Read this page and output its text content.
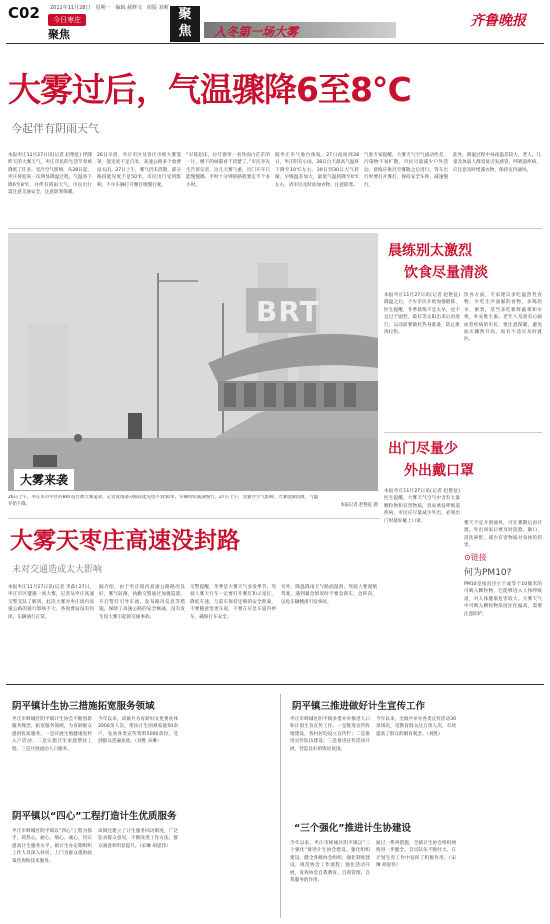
C02 2011年11月28日　星期一　编辑 郝修文　组版 刘莉
今日枣庄
聚焦
聚
焦	入冬第一场大雾
齐鲁晚报
大雾过后，气温骤降6至8℃
今起伴有阴雨天气
本报枣庄11月27日讯(记者 赵艳征) 伴随昨天的大雾天气，枣庄市民的生活节奏被降低了许多。受冷空气影响，从28日起，枣庄将迎来一次明显降温过程，气温将下降6至8℃，并伴有阴雨天气。市民出行需注意交通安全，注意防寒保暖。
26日早晨，枣庄市区及各区市被大雾笼罩，能见度不足百米，高速公路多个收费站关闭。27日上午，雾气仍未消散，部分路段能见度不足50米，市民出行受到影响，不少车辆打开雾灯缓慢行驶。
“早晨起床，拉开窗帘一看外面白茫茫的一片，楼下的树都看不清楚了。”市民李先生告诉记者，这几天雾气重，出门开车只能慢慢挪，平时十分钟的路程要走半个多小时。
据枣庄市气象台预报，27日夜间到28日，枣庄阴有小雨，28日白天最高气温将下降至10℃左右。29日到30日天气转晴，早晚温差加大，最低气温将降至0℃左右，请市民及时添加衣物，注意防寒。
气象专家提醒，大雾天气空气流动性差，污染物不易扩散，市民尽量减少户外活动，晨练应推迟至雾散之后进行。驾车出行时要打开雾灯，保持安全车距，减速慢行。
此外，降温过程中昼夜温差较大，老人、儿童及体弱人群容易引发感冒、呼吸道疾病，应注意及时增减衣物，保持室内通风。
BRT
大雾来袭
26日上午，枣庄市市中区的BRT站台被大雾笼罩，记者发现部分路段能见度不到50米，车辆纷纷减速慢行。27日上午，受强冷空气影响，大雾逐渐消散，气温开始下降。	本报记者 赵艳征 摄
晨练别太激烈
饮食尽量清淡
本报枣庄11月27日讯(记者 赵艳征) 降温之后，不少市民开始加强锻炼，医生提醒，冬季晨练不宜太早，也不宜过于剧烈，最好等太阳出来后再进行，运动前要做好热身准备，防止肌肉拉伤。
饮食方面，专家建议多吃温热性食物，少吃生冷油腻的食物，多喝热水、粥类，适当多吃新鲜蔬菜和水果，补充维生素。老年人及患有心脑血管疾病的市民，要注意保暖，避免血压骤然升高，如有不适应及时就医。
出门尽量少
外出戴口罩
本报枣庄11月27日讯(记者 赵艳征) 医生提醒，大雾天气空气中含有大量颗粒物和有害物质，容易诱发呼吸道疾病，市民应尽量减少外出，必须出门时最好戴上口罩。	雾天不宜开窗通风，可在雾散后再开窗。外出回家后要及时洗脸、漱口，清洗鼻腔，减少有害物质对身体的伤害。
⊙链接
何为PM10?
PM10是指直径小于或等于10微米的可吸入颗粒物，它能够进入人体呼吸道，对人体健康危害较大。大雾天气中可吸入颗粒物浓度往往偏高，需要注意防护。
大雾天枣庄高速没封路
未对交通造成太大影响
本报枣庄11月27日讯(记者 李淼) 27日，枣庄市区遭遇一场大雾，记者从枣庄高速交警支队了解到，此次大雾对枣庄境内高速公路的通行影响不大，各收费站没有封闭，车辆通行正常。
据介绍，由于枣庄境内高速公路路况良好，雾气较薄，执勤交警通过加强巡逻、开启警灯引导车流、发布路况信息等措施，保障了高速公路的安全畅通，没有发生因大雾引起的交通事故。
交警提醒，冬季是大雾天气多发季节，驾驶人雾天行车一定要打开雾灯和示宽灯，降低车速，与前车保持足够的安全距离，不要随意变更车道，不要在应急车道内停车，确保行车安全。
另外，降温降雨天气路面湿滑，驾驶人要谨慎驾驶，遇到紧急情况时不要急刹车、急转向，以免车辆侧滑引发事故。
阴平镇计生协三措施拓宽服务领域
枣庄市峄城区阴平镇计生协会不断创新服务理念，拓宽服务领域，为育龄群众提供优质服务。一是开展生殖健康进村入户活动；二是实施计生家庭帮扶工程；三是开展流动人口服务。
今年以来，该镇共为育龄妇女免费查体2000余人次，帮扶计生困难家庭50余户，发放各类宣传资料5000余份，受到群众普遍欢迎。（刘胜 宋琳）
阴平镇以“四心”工程打造计生优质服务
枣庄市峄城区阴平镇以“四心”工程为抓手，即热心、耐心、细心、诚心，切实提高计生服务水平。镇计生办定期组织工作人员深入村居，上门为群众提供政策咨询和技术服务。
该镇还建立了计生服务回访制度，广泛征求群众意见，不断改进工作方法，群众满意率明显提升。（宋琳 胡思伟）
阴平镇三推进做好计生宣传工作
枣庄市峄城区阴平镇多措并举推进人口和计划生育宣传工作。一是推进宣传阵地建设，各村居均设立宣传栏；二是推进宣传队伍建设；三是推进宣传活动开展，营造良好的舆论氛围。
今年以来，全镇共举办各类宣传活动30余场次，受教育群众达万余人次，有效提高了群众的婚育观念。（刘胜）
“三个强化”推进计生协建设
今年以来，枣庄市峄城区阴平镇以“三个强化”推进计生协会建设。强化组织建设，健全各级协会组织；强化制度建设，规范协会工作流程；强化活动开展，发挥协会自我教育、自我管理、自我服务的作用。
通过一系列措施，全镇计生协会组织网络进一步健全，会员队伍不断壮大，在计划生育工作中发挥了积极作用。（宋琳 胡思伟）
